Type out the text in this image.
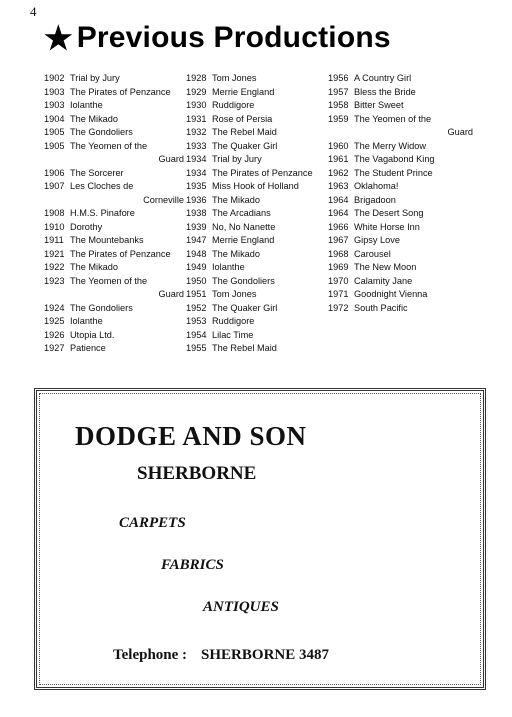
4
★ Previous Productions
1902 Trial by Jury
1903 The Pirates of Penzance
1903 Iolanthe
1904 The Mikado
1905 The Gondoliers
1905 The Yeomen of the
Guard
1906 The Sorcerer
1907 Les Cloches de
Corneville
1908 H.M.S. Pinafore
1910 Dorothy
1911 The Mountebanks
1921 The Pirates of Penzance
1922 The Mikado
1923 The Yeomen of the
Guard
1924 The Gondoliers
1925 Iolanthe
1926 Utopia Ltd.
1927 Patience
1928 Tom Jones
1929 Merrie England
1930 Ruddigore
1931 Rose of Persia
1932 The Rebel Maid
1933 The Quaker Girl
1934 Trial by Jury
1934 The Pirates of Penzance
1935 Miss Hook of Holland
1936 The Mikado
1938 The Arcadians
1939 No, No Nanette
1947 Merrie England
1948 The Mikado
1949 Iolanthe
1950 The Gondoliers
1951 Tom Jones
1952 The Quaker Girl
1953 Ruddigore
1954 Lilac Time
1955 The Rebel Maid
1956 A Country Girl
1957 Bless the Bride
1958 Bitter Sweet
1959 The Yeomen of the
Guard
1960 The Merry Widow
1961 The Vagabond King
1962 The Student Prince
1963 Oklahoma!
1964 Brigadoon
1964 The Desert Song
1966 White Horse Inn
1967 Gipsy Love
1968 Carousel
1969 The New Moon
1970 Calamity Jane
1971 Goodnight Vienna
1972 South Pacific
DODGE AND SON
SHERBORNE
CARPETS
FABRICS
ANTIQUES
Telephone : SHERBORNE 3487
